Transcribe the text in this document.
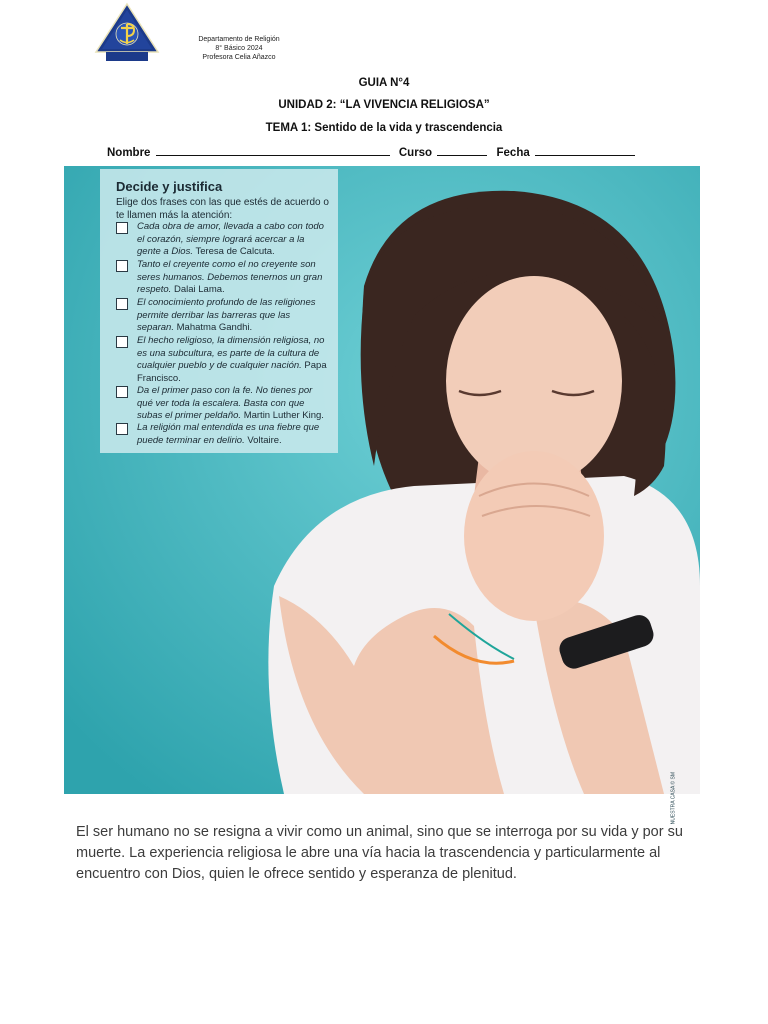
Departamento de Religión
8° Básico 2024
Profesora Celia Añazco
GUIA N°4
UNIDAD 2: “LA VIVENCIA RELIGIOSA”
TEMA 1: Sentido de la vida y trascendencia
Nombre	Curso	Fecha
Decide y justifica
Elige dos frases con las que estés de acuerdo o te llamen más la atención:
Cada obra de amor, llevada a cabo con todo el corazón, siempre logrará acercar a la gente a Dios. Teresa de Calcuta.
Tanto el creyente como el no creyente son seres humanos. Debemos tenernos un gran respeto. Dalai Lama.
El conocimiento profundo de las religiones permite derribar las barreras que las separan. Mahatma Gandhi.
El hecho religioso, la dimensión religiosa, no es una subcultura, es parte de la cultura de cualquier pueblo y de cualquier nación. Papa Francisco.
Da el primer paso con la fe. No tienes por qué ver toda la escalera. Basta con que subas el primer peldaño. Martin Luther King.
La religión mal entendida es una fiebre que puede terminar en delirio. Voltaire.
NUESTRA CASA © SM
El ser humano no se resigna a vivir como un animal, sino que se interroga por su vida y por su muerte. La experiencia religiosa le abre una vía hacia la trascendencia y particularmente al encuentro con Dios, quien le ofrece sentido y esperanza de plenitud.
